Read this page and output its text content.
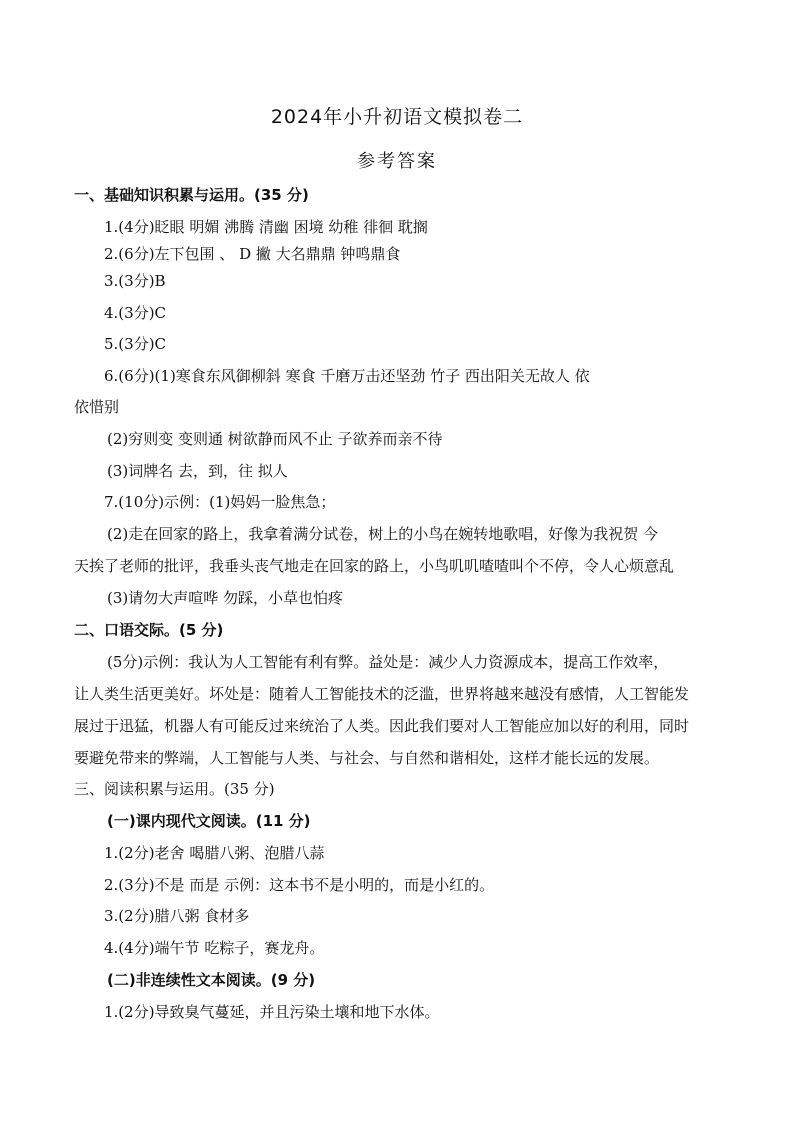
2024年小升初语文模拟卷二
参考答案
一、基础知识积累与运用。(35 分)
1.(4分)眨眼 明媚 沸腾 清幽 困境 幼稚 徘徊 耽搁
2.(6分)左下包围 、 D 撇 大名鼎鼎 钟鸣鼎食
3.(3分)B
4.(3分)C
5.(3分)C
6.(6分)(1)寒食东风御柳斜 寒食 千磨万击还坚劲 竹子 西出阳关无故人 依
依惜别
(2)穷则变 变则通 树欲静而风不止 子欲养而亲不待
(3)词牌名 去，到，往 拟人
7.(10分)示例：(1)妈妈一脸焦急；
(2)走在回家的路上，我拿着满分试卷，树上的小鸟在婉转地歌唱，好像为我祝贺 今
天挨了老师的批评，我垂头丧气地走在回家的路上，小鸟叽叽喳喳叫个不停，令人心烦意乱
(3)请勿大声喧哗 勿踩，小草也怕疼
二、口语交际。(5 分)
(5分)示例：我认为人工智能有利有弊。益处是：减少人力资源成本，提高工作效率，
让人类生活更美好。坏处是：随着人工智能技术的泛滥，世界将越来越没有感情，人工智能发
展过于迅猛，机器人有可能反过来统治了人类。因此我们要对人工智能应加以好的利用，同时
要避免带来的弊端，人工智能与人类、与社会、与自然和谐相处，这样才能长远的发展。
三、阅读积累与运用。(35 分)
(一)课内现代文阅读。(11 分)
1.(2分)老舍 喝腊八粥、泡腊八蒜
2.(3分)不是 而是 示例：这本书不是小明的，而是小红的。
3.(2分)腊八粥 食材多
4.(4分)端午节 吃粽子，赛龙舟。
(二)非连续性文本阅读。(9 分)
1.(2分)导致臭气蔓延，并且污染土壤和地下水体。
